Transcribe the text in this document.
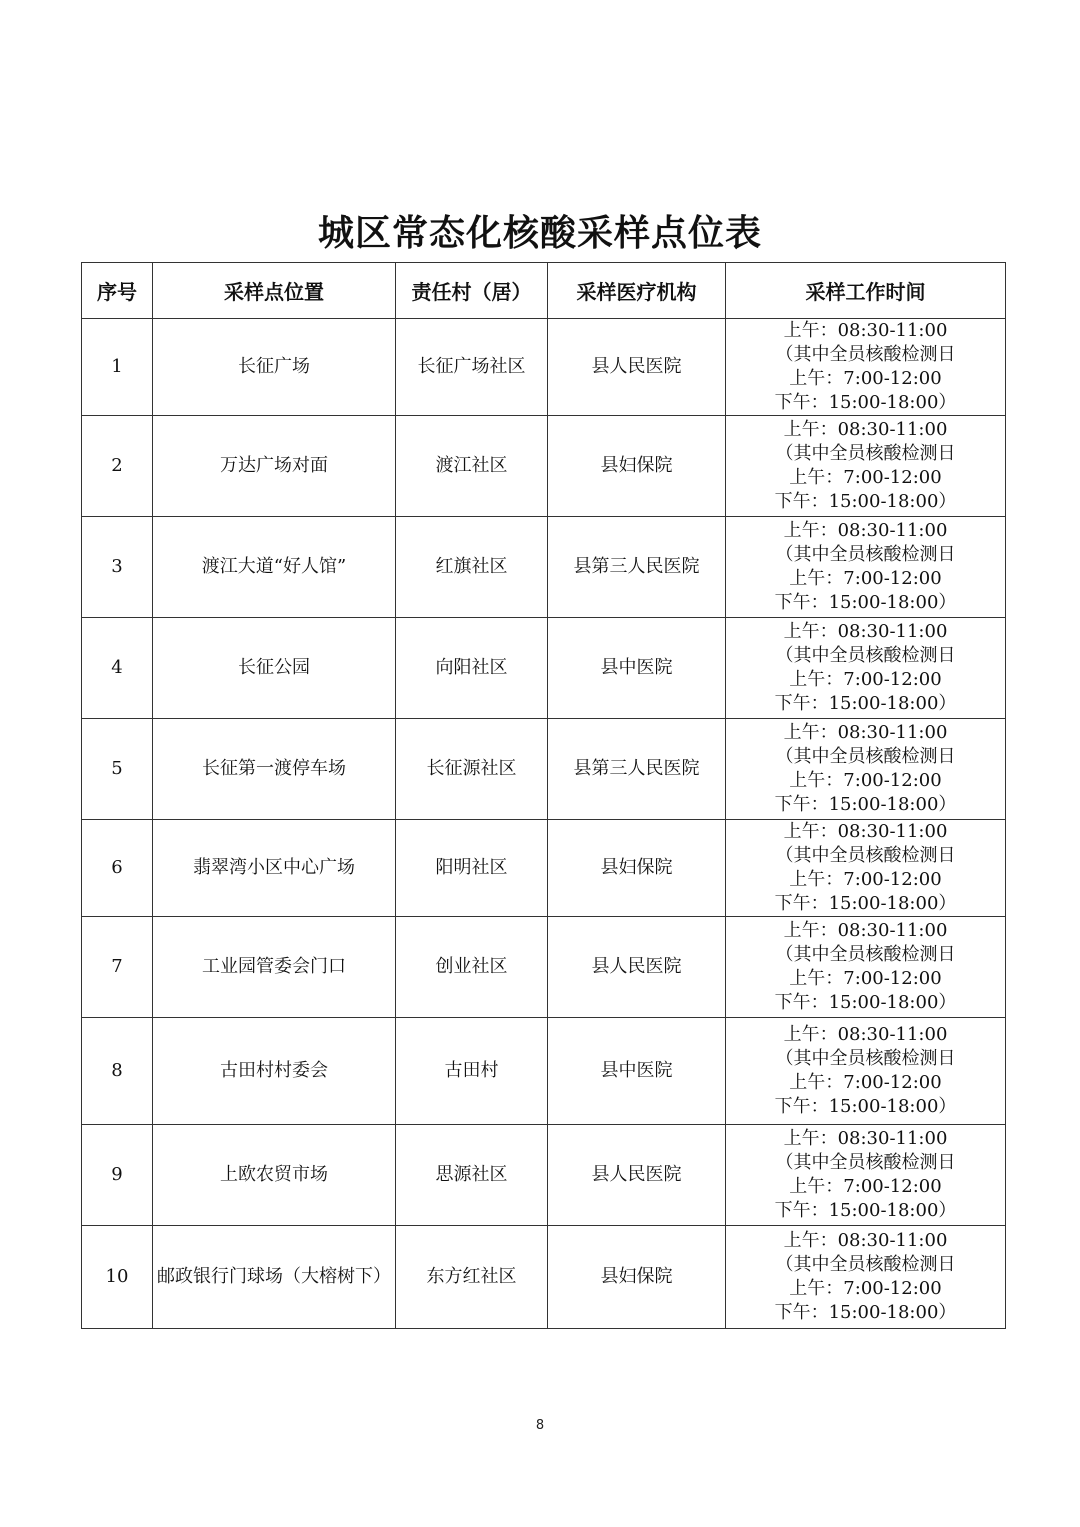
城区常态化核酸采样点位表
序号	采样点位置	责任村（居）	采样医疗机构	采样工作时间
1	长征广场	长征广场社区	县人民医院	上午：08:30-11:00
（其中全员核酸检测日
上午：7:00-12:00
下午：15:00-18:00）

2	万达广场对面	渡江社区	县妇保院	上午：08:30-11:00
（其中全员核酸检测日
上午：7:00-12:00
下午：15:00-18:00）

3	渡江大道“好人馆”	红旗社区	县第三人民医院	上午：08:30-11:00
（其中全员核酸检测日
上午：7:00-12:00
下午：15:00-18:00）

4	长征公园	向阳社区	县中医院	上午：08:30-11:00
（其中全员核酸检测日
上午：7:00-12:00
下午：15:00-18:00）

5	长征第一渡停车场	长征源社区	县第三人民医院	上午：08:30-11:00
（其中全员核酸检测日
上午：7:00-12:00
下午：15:00-18:00）

6	翡翠湾小区中心广场	阳明社区	县妇保院	上午：08:30-11:00
（其中全员核酸检测日
上午：7:00-12:00
下午：15:00-18:00）

7	工业园管委会门口	创业社区	县人民医院	上午：08:30-11:00
（其中全员核酸检测日
上午：7:00-12:00
下午：15:00-18:00）

8	古田村村委会	古田村	县中医院	上午：08:30-11:00
（其中全员核酸检测日
上午：7:00-12:00
下午：15:00-18:00）

9	上欧农贸市场	思源社区	县人民医院	上午：08:30-11:00
（其中全员核酸检测日
上午：7:00-12:00
下午：15:00-18:00）

10	邮政银行门球场（大榕树下）	东方红社区	县妇保院	上午：08:30-11:00
（其中全员核酸检测日
上午：7:00-12:00
下午：15:00-18:00）
8
